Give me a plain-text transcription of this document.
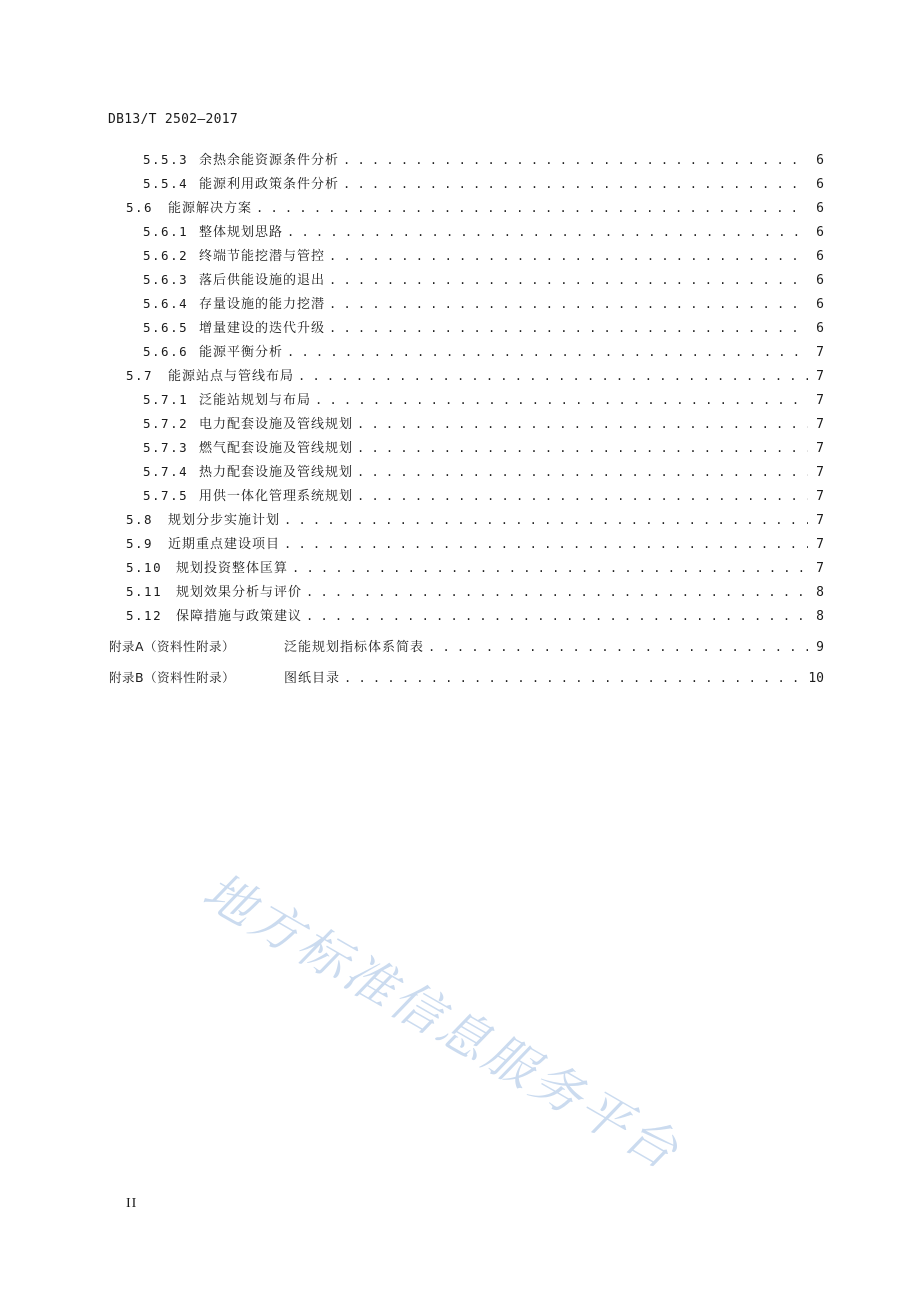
DB13/T 2502—2017
5.5.3 余热余能资源条件分析 . . .	6
5.5.4 能源利用政策条件分析 . . .	6
5.6	能源解决方案 . . .	6
5.6.1 整体规划思路 . . .	6
5.6.2 终端节能挖潜与管控 . . .	6
5.6.3 落后供能设施的退出 . . .	6
5.6.4 存量设施的能力挖潜 . . .	6
5.6.5 增量建设的迭代升级 . . .	6
5.6.6 能源平衡分析 . . .	7
5.7	能源站点与管线布局 . . .	7
5.7.1 泛能站规划与布局 . . .	7
5.7.2 电力配套设施及管线规划 . . .	7
5.7.3 燃气配套设施及管线规划 . . .	7
5.7.4 热力配套设施及管线规划 . . .	7
5.7.5 用供一体化管理系统规划 . . .	7
5.8	规划分步实施计划 . . .	7
5.9	近期重点建设项目 . . .	7
5.10	规划投资整体匡算 . . .	7
5.11	规划效果分析与评价 . . .	8
5.12	保障措施与政策建议 . . .	8
附录A（资料性附录）	泛能规划指标体系简表 . . .	9
附录B（资料性附录）	图纸目录 . . .	10
地方标准信息服务平台
II
